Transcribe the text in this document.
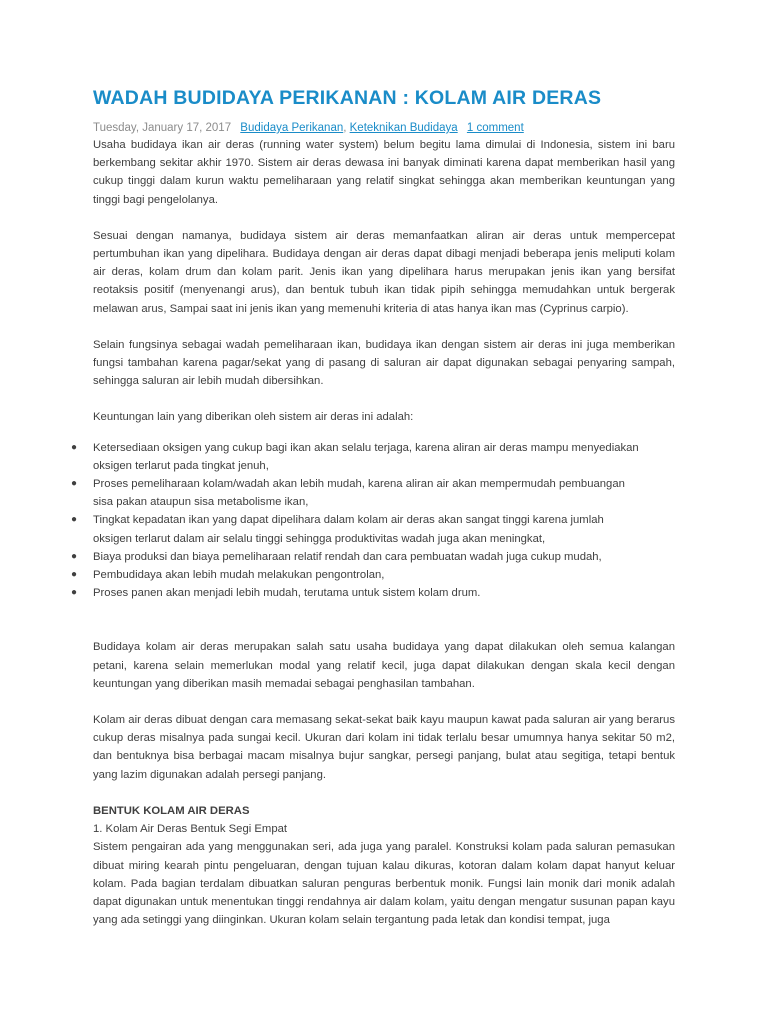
WADAH BUDIDAYA PERIKANAN : KOLAM AIR DERAS
Tuesday, January 17, 2017 Budidaya Perikanan, Keteknikan Budidaya 1 comment

Usaha budidaya ikan air deras (running water system) belum begitu lama dimulai di Indonesia, sistem ini baru berkembang sekitar akhir 1970. Sistem air deras dewasa ini banyak diminati karena dapat memberikan hasil yang cukup tinggi dalam kurun waktu pemeliharaan yang relatif singkat sehingga akan memberikan keuntungan yang tinggi bagi pengelolanya.

Sesuai dengan namanya, budidaya sistem air deras memanfaatkan aliran air deras untuk mempercepat pertumbuhan ikan yang dipelihara. Budidaya dengan air deras dapat dibagi menjadi beberapa jenis meliputi kolam air deras, kolam drum dan kolam parit. Jenis ikan yang dipelihara harus merupakan jenis ikan yang bersifat reotaksis positif (menyenangi arus), dan bentuk tubuh ikan tidak pipih sehingga memudahkan untuk bergerak melawan arus, Sampai saat ini jenis ikan yang memenuhi kriteria di atas hanya ikan mas (Cyprinus carpio).

Selain fungsinya sebagai wadah pemeliharaan ikan, budidaya ikan dengan sistem air deras ini juga memberikan fungsi tambahan karena pagar/sekat yang di pasang di saluran air dapat digunakan sebagai penyaring sampah, sehingga saluran air lebih mudah dibersihkan.

Keuntungan lain yang diberikan oleh sistem air deras ini adalah:

● Ketersediaan oksigen yang cukup bagi ikan akan selalu terjaga, karena aliran air deras mampu menyediakan
oksigen terlarut pada tingkat jenuh,
● Proses pemeliharaan kolam/wadah akan lebih mudah, karena aliran air akan mempermudah pembuangan
sisa pakan ataupun sisa metabolisme ikan,
● Tingkat kepadatan ikan yang dapat dipelihara dalam kolam air deras akan sangat tinggi karena jumlah
oksigen terlarut dalam air selalu tinggi sehingga produktivitas wadah juga akan meningkat,
● Biaya produksi dan biaya pemeliharaan relatif rendah dan cara pembuatan wadah juga cukup mudah,
● Pembudidaya akan lebih mudah melakukan pengontrolan,
● Proses panen akan menjadi lebih mudah, terutama untuk sistem kolam drum.

Budidaya kolam air deras merupakan salah satu usaha budidaya yang dapat dilakukan oleh semua kalangan petani, karena selain memerlukan modal yang relatif kecil, juga dapat dilakukan dengan skala kecil dengan keuntungan yang diberikan masih memadai sebagai penghasilan tambahan.

Kolam air deras dibuat dengan cara memasang sekat-sekat baik kayu maupun kawat pada saluran air yang berarus cukup deras misalnya pada sungai kecil. Ukuran dari kolam ini tidak terlalu besar umumnya hanya sekitar 50 m2, dan bentuknya bisa berbagai macam misalnya bujur sangkar, persegi panjang, bulat atau segitiga, tetapi bentuk yang lazim digunakan adalah persegi panjang.

BENTUK KOLAM AIR DERAS

1. Kolam Air Deras Bentuk Segi Empat

Sistem pengairan ada yang menggunakan seri, ada juga yang paralel. Konstruksi kolam pada saluran pemasukan dibuat miring kearah pintu pengeluaran, dengan tujuan kalau dikuras, kotoran dalam kolam dapat hanyut keluar kolam. Pada bagian terdalam dibuatkan saluran penguras berbentuk monik. Fungsi lain monik dari monik adalah dapat digunakan untuk menentukan tinggi rendahnya air dalam kolam, yaitu dengan mengatur susunan papan kayu yang ada setinggi yang diinginkan. Ukuran kolam selain tergantung pada letak dan kondisi tempat, juga
